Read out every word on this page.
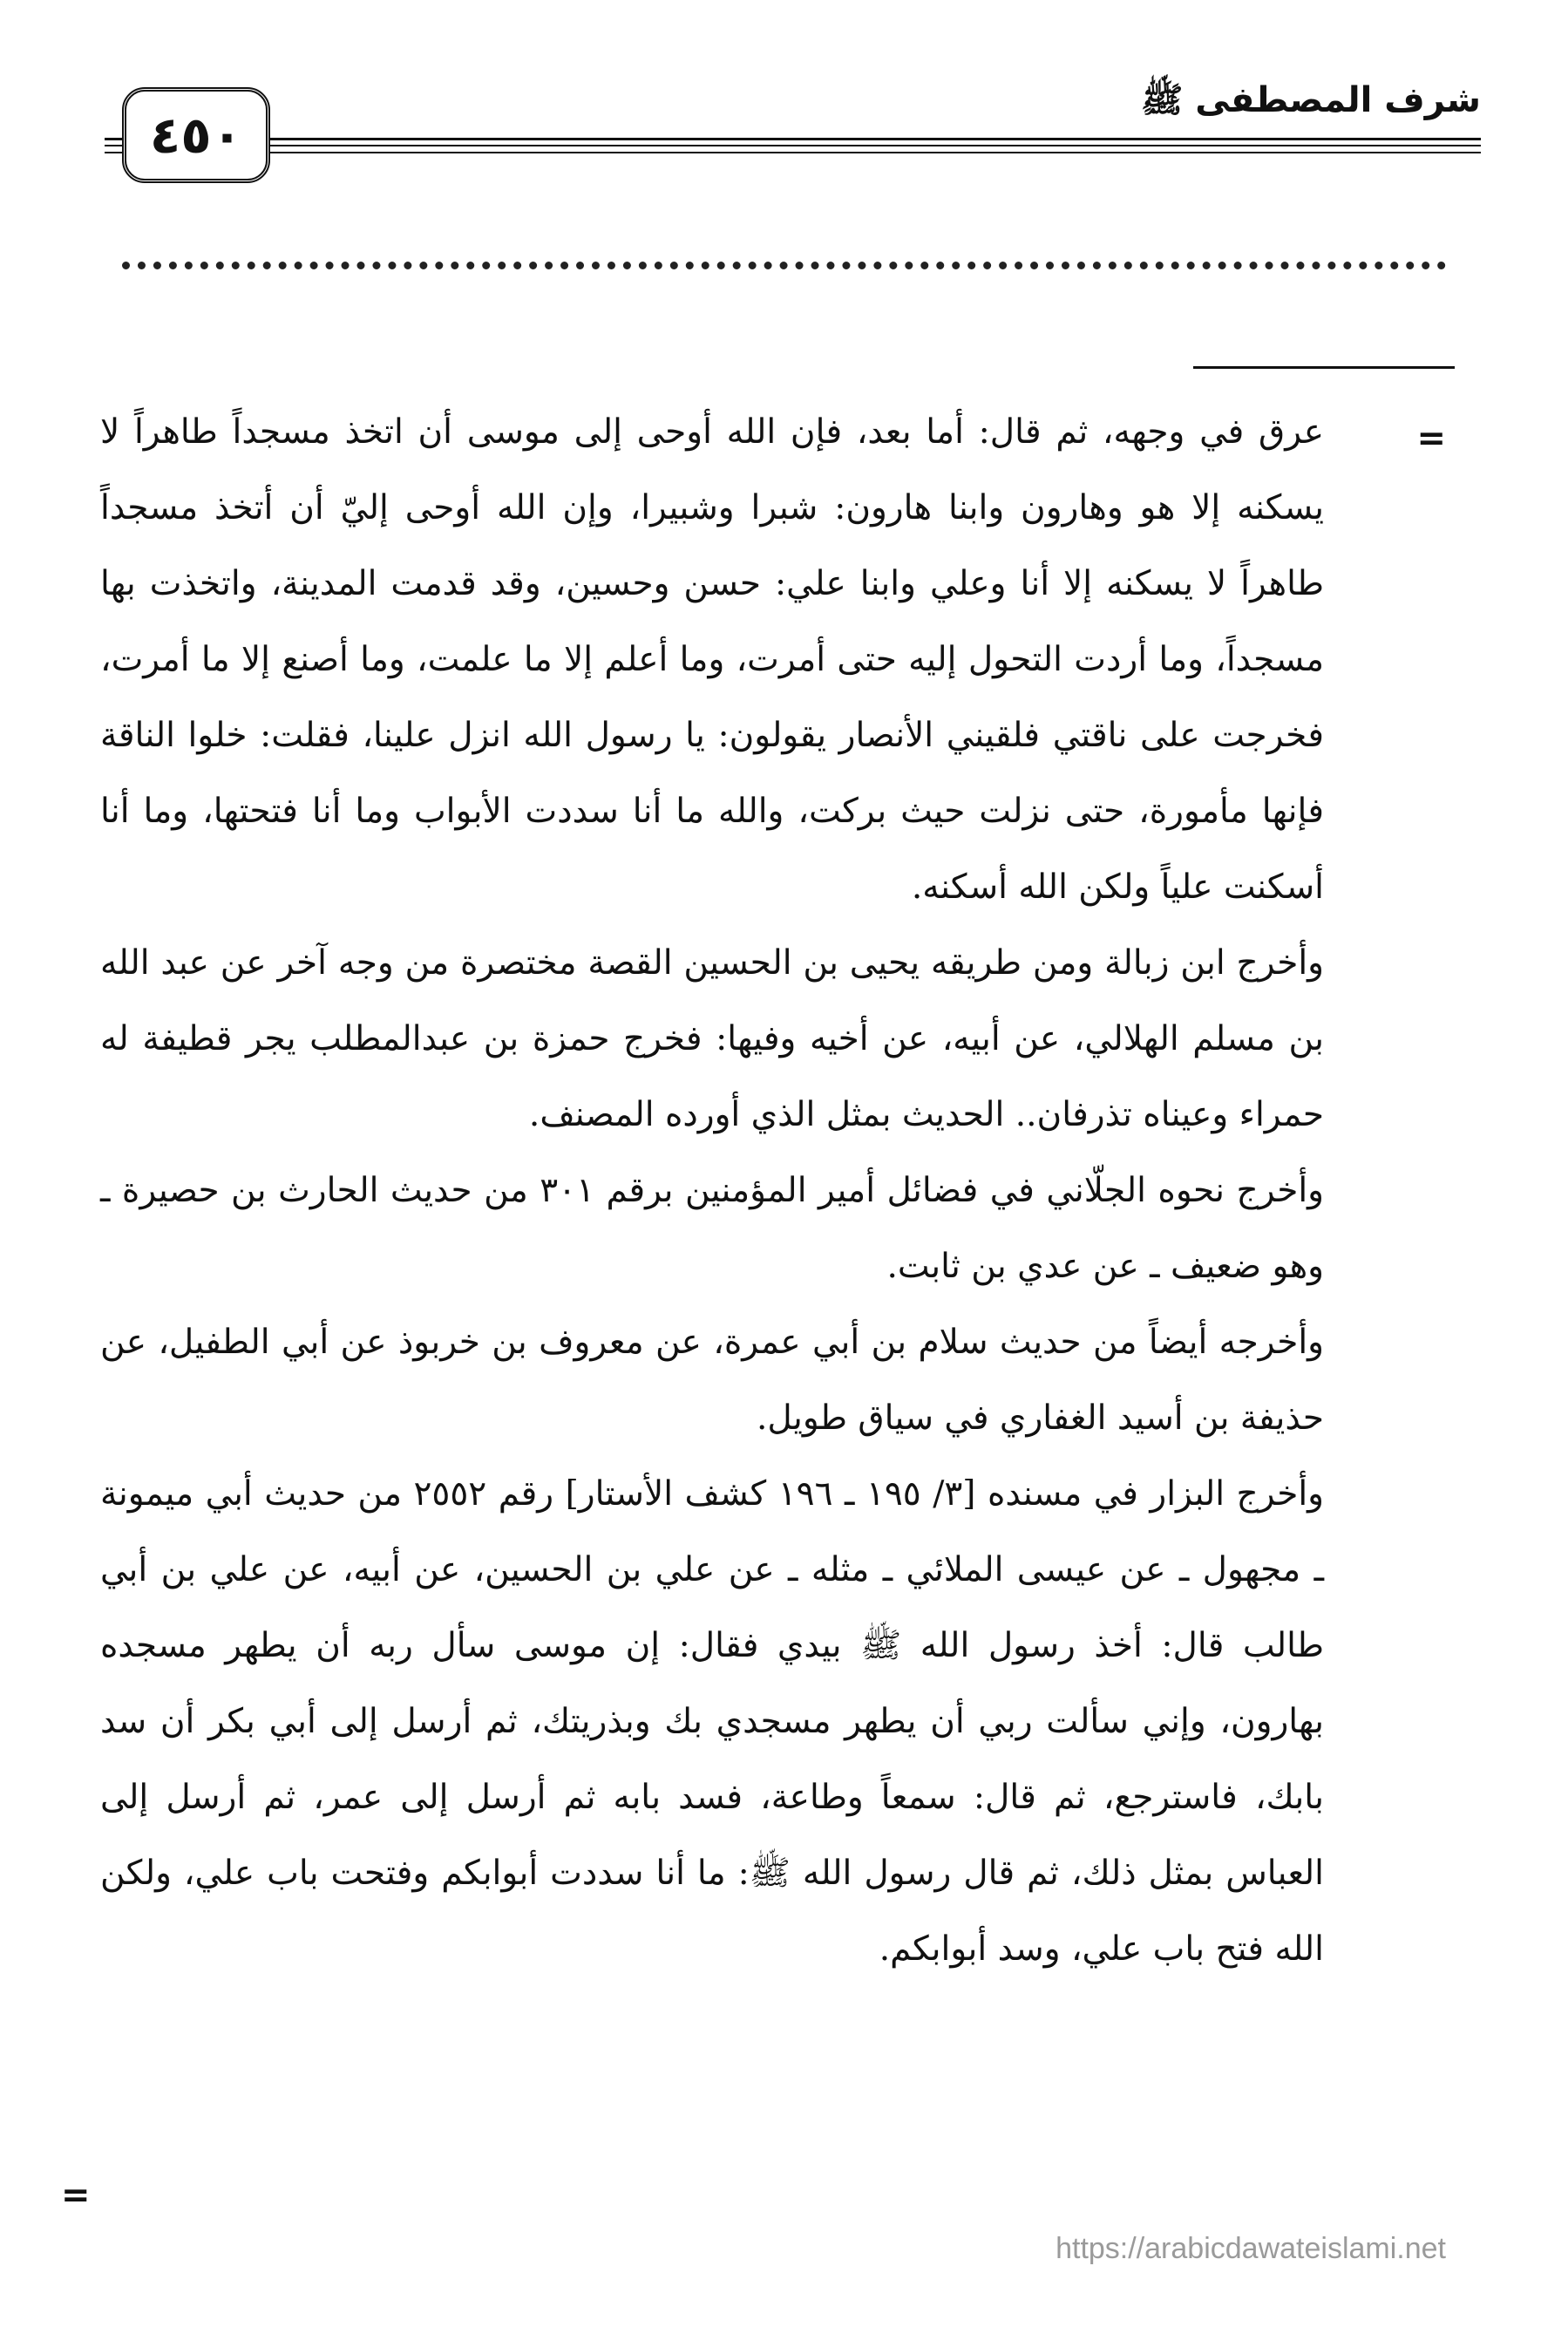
شرف المصطفى ﷺ
٤٥٠
=

عرق في وجهه، ثم قال: أما بعد، فإن الله أوحى إلى موسى أن اتخذ مسجداً طاهراً لا يسكنه إلا هو وهارون وابنا هارون: شبرا وشبيرا، وإن الله أوحى إليّ أن أتخذ مسجداً طاهراً لا يسكنه إلا أنا وعلي وابنا علي: حسن وحسين، وقد قدمت المدينة، واتخذت بها مسجداً، وما أردت التحول إليه حتى أمرت، وما أعلم إلا ما علمت، وما أصنع إلا ما أمرت، فخرجت على ناقتي فلقيني الأنصار يقولون: يا رسول الله انزل علينا، فقلت: خلوا الناقة فإنها مأمورة، حتى نزلت حيث بركت، والله ما أنا سددت الأبواب وما أنا فتحتها، وما أنا أسكنت علياً ولكن الله أسكنه.

وأخرج ابن زبالة ومن طريقه يحيى بن الحسين القصة مختصرة من وجه آخر عن عبد الله بن مسلم الهلالي، عن أبيه، عن أخيه وفيها: فخرج حمزة بن عبدالمطلب يجر قطيفة له حمراء وعيناه تذرفان.. الحديث بمثل الذي أورده المصنف.

وأخرج نحوه الجلّاني في فضائل أمير المؤمنين برقم ٣٠١ من حديث الحارث بن حصيرة ـ وهو ضعيف ـ عن عدي بن ثابت.

وأخرجه أيضاً من حديث سلام بن أبي عمرة، عن معروف بن خربوذ عن أبي الطفيل، عن حذيفة بن أسيد الغفاري في سياق طويل.

وأخرج البزار في مسنده [٣/ ١٩٥ ـ ١٩٦ كشف الأستار] رقم ٢٥٥٢ من حديث أبي ميمونة ـ مجهول ـ عن عيسى الملائي ـ مثله ـ عن علي بن الحسين، عن أبيه، عن علي بن أبي طالب قال: أخذ رسول الله ﷺ بيدي فقال: إن موسى سأل ربه أن يطهر مسجده بهارون، وإني سألت ربي أن يطهر مسجدي بك وبذريتك، ثم أرسل إلى أبي بكر أن سد بابك، فاسترجع، ثم قال: سمعاً وطاعة، فسد بابه ثم أرسل إلى عمر، ثم أرسل إلى العباس بمثل ذلك، ثم قال رسول الله ﷺ: ما أنا سددت أبوابكم وفتحت باب علي، ولكن الله فتح باب علي، وسد أبوابكم.

=
https://arabicdawateislami.net
